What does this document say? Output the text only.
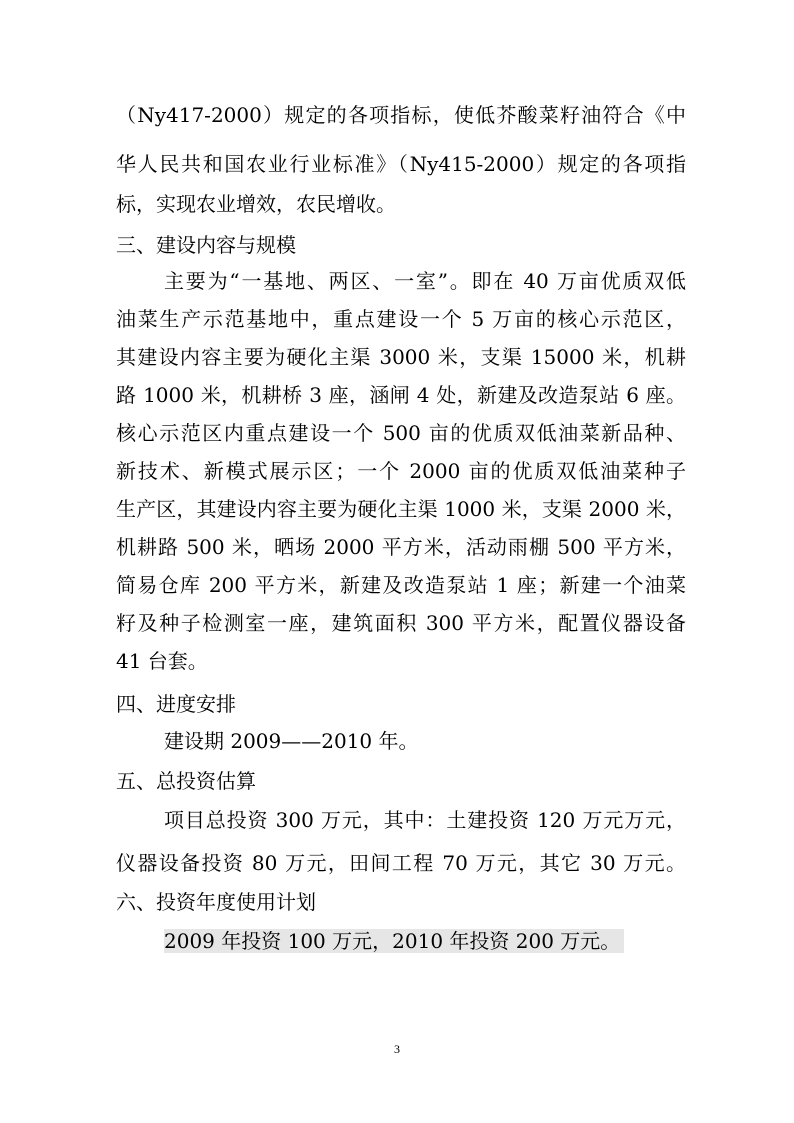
（Ny417-2000）规定的各项指标，使低芥酸菜籽油符合《中
华人民共和国农业行业标准》（Ny415-2000）规定的各项指
标，实现农业增效，农民增收。
三、建设内容与规模
主要为“一基地、两区、一室”。即在 40 万亩优质双低
油菜生产示范基地中，重点建设一个 5 万亩的核心示范区，
其建设内容主要为硬化主渠 3000 米，支渠 15000 米，机耕
路 1000 米，机耕桥 3 座，涵闸 4 处，新建及改造泵站 6 座。
核心示范区内重点建设一个 500 亩的优质双低油菜新品种、
新技术、新模式展示区；一个 2000 亩的优质双低油菜种子
生产区，其建设内容主要为硬化主渠 1000 米，支渠 2000 米，
机耕路 500 米，晒场 2000 平方米，活动雨棚 500 平方米，
简易仓库 200 平方米，新建及改造泵站 1 座；新建一个油菜
籽及种子检测室一座，建筑面积 300 平方米，配置仪器设备
41 台套。
四、进度安排
建设期 2009——2010 年。
五、总投资估算
项目总投资 300 万元，其中：土建投资 120 万元万元，
仪器设备投资 80 万元，田间工程 70 万元，其它 30 万元。
六、投资年度使用计划
2009 年投资 100 万元，2010 年投资 200 万元。
3
